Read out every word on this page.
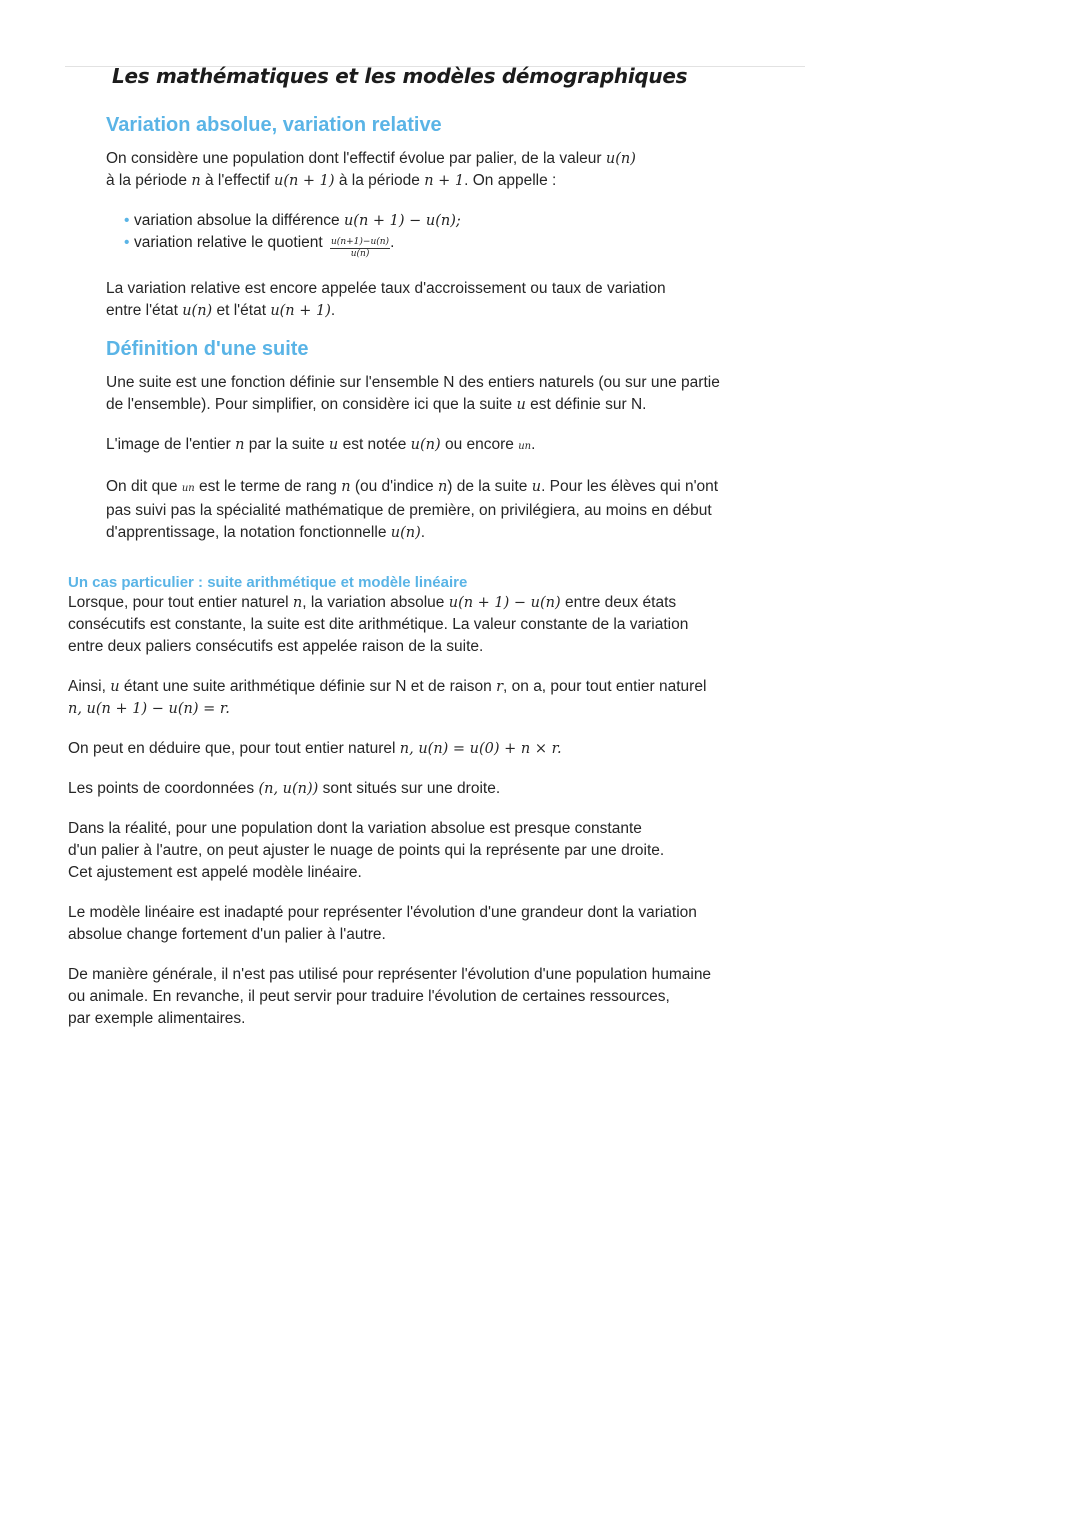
Les mathématiques et les modèles démographiques
Variation absolue, variation relative

On considère une population dont l'effectif évolue par palier, de la valeur u(n)
à la période n à l'effectif u(n + 1) à la période n + 1. On appelle :

• variation absolue la différence u(n + 1) − u(n);
• variation relative le quotient $\frac{u(n+1)-u(n)}{u(n)}$ .

La variation relative est encore appelée taux d'accroissement ou taux de variation
entre l'état u(n) et l'état u(n + 1).

Définition d'une suite

Une suite est une fonction définie sur l'ensemble N des entiers naturels (ou sur une partie
de l'ensemble). Pour simplifier, on considère ici que la suite u est définie sur N.

L'image de l'entier n par la suite u est notée u(n) ou encore un.

On dit que un est le terme de rang n (ou d'indice n) de la suite u. Pour les élèves qui n'ont
pas suivi pas la spécialité mathématique de première, on privilégiera, au moins en début
d'apprentissage, la notation fonctionnelle u(n).

Un cas particulier : suite arithmétique et modèle linéaire

Lorsque, pour tout entier naturel n, la variation absolue u(n + 1) − u(n) entre deux états
consécutifs est constante, la suite est dite arithmétique. La valeur constante de la variation
entre deux paliers consécutifs est appelée raison de la suite.

Ainsi, u étant une suite arithmétique définie sur N et de raison r, on a, pour tout entier naturel
n, u(n + 1) − u(n) = r.

On peut en déduire que, pour tout entier naturel n, u(n) = u(0) + n × r.

Les points de coordonnées (n, u(n)) sont situés sur une droite.

Dans la réalité, pour une population dont la variation absolue est presque constante
d'un palier à l'autre, on peut ajuster le nuage de points qui la représente par une droite.
Cet ajustement est appelé modèle linéaire.

Le modèle linéaire est inadapté pour représenter l'évolution d'une grandeur dont la variation
absolue change fortement d'un palier à l'autre.

De manière générale, il n'est pas utilisé pour représenter l'évolution d'une population humaine
ou animale. En revanche, il peut servir pour traduire l'évolution de certaines ressources,
par exemple alimentaires.
